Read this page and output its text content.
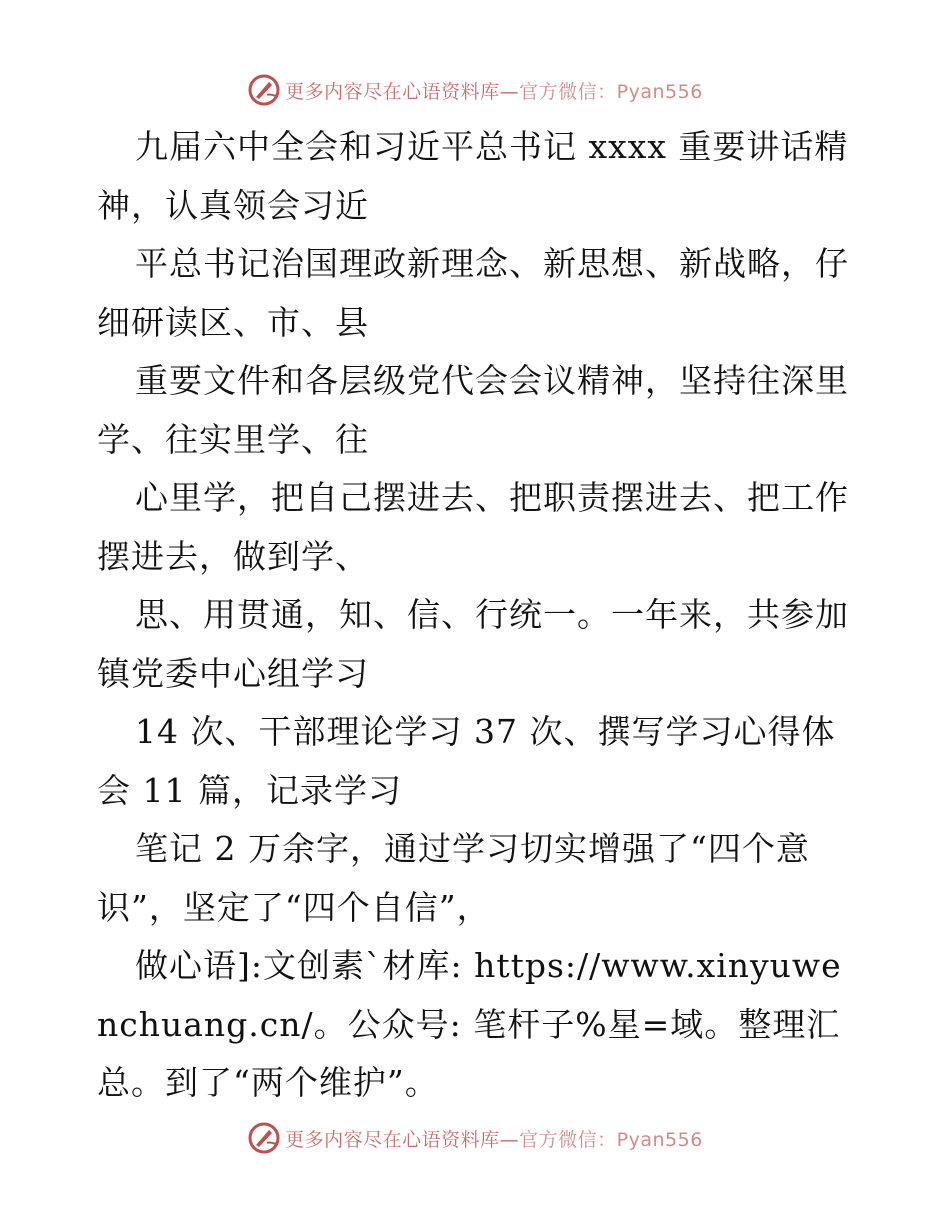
更多内容尽在心语资料库—官方微信：Pyan556

九届六中全会和习近平总书记 xxxx 重要讲话精神，认真领会习近

平总书记治国理政新理念、新思想、新战略，仔细研读区、市、县

重要文件和各层级党代会会议精神，坚持往深里学、往实里学、往

心里学，把自己摆进去、把职责摆进去、把工作摆进去，做到学、

思、用贯通，知、信、行统一。一年来，共参加镇党委中心组学习

14 次、干部理论学习 37 次、撰写学习心得体会 11 篇，记录学习

笔记 2 万余字，通过学习切实增强了“四个意识”，坚定了“四个自信”，

做心语]:文创素`材库: https://www.xinyuwenchuang.cn/。公众号: 笔杆子%星=域。整理汇总。到了“两个维护”。

更多内容尽在心语资料库—官方微信：Pyan556
